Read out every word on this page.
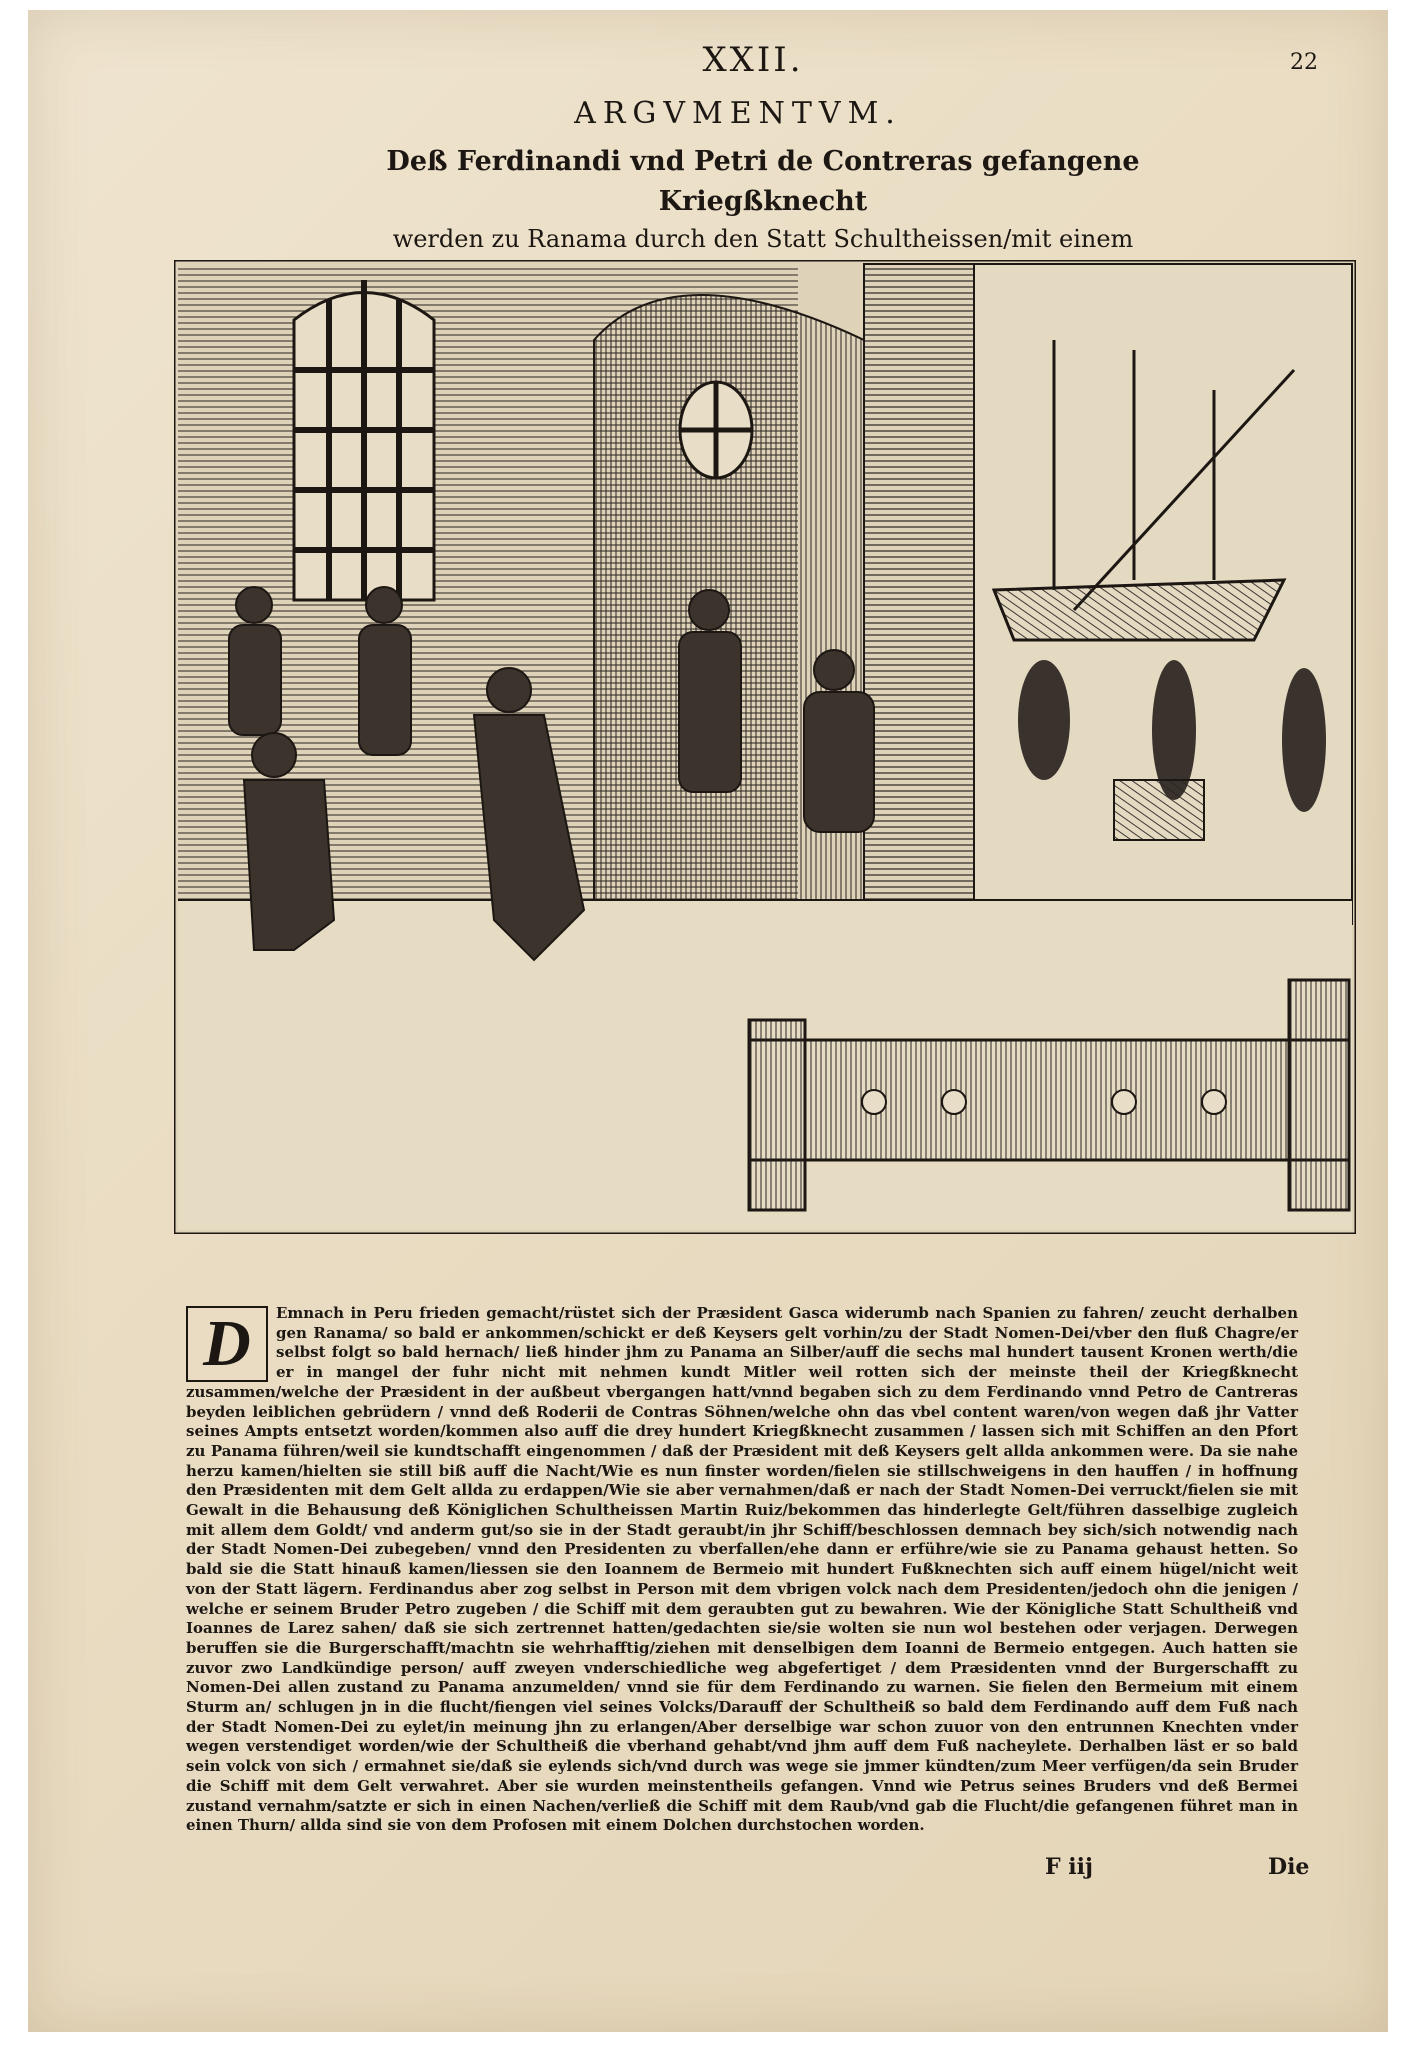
XXII.	22
ARGVMENTVM.
Deß Ferdinandi vnd Petri de Contreras gefangene Kriegßknecht
werden zu Ranama durch den Statt Schultheissen/mit einem
D	Emnach in Peru frieden gemacht/rüstet sich der Præsident Gasca widerumb nach Spanien zu fahren/ zeucht derhalben gen Ranama/ so bald er ankommen/schickt er deß Keysers gelt vorhin/zu der Stadt Nomen-Dei/vber den fluß Chagre/er selbst folgt so bald hernach/ ließ hinder jhm zu Panama an Silber/auff die sechs mal hundert tausent Kronen werth/die er in mangel der fuhr nicht mit nehmen kundt Mitler weil rotten sich der meinste theil der Kriegßknecht zusammen/welche der Præsident in der außbeut vbergangen hatt/vnnd begaben sich zu dem Ferdinando vnnd Petro de Cantreras beyden leiblichen gebrüdern / vnnd deß Roderii de Contras Söhnen/welche ohn das vbel content waren/von wegen daß jhr Vatter seines Ampts entsetzt worden/kommen also auff die drey hundert Kriegßknecht zusammen / lassen sich mit Schiffen an den Pfort zu Panama führen/weil sie kundtschafft eingenommen / daß der Præsident mit deß Keysers gelt allda ankommen were. Da sie nahe herzu kamen/hielten sie still biß auff die Nacht/Wie es nun finster worden/fielen sie stillschweigens in den hauffen / in hoffnung den Præsidenten mit dem Gelt allda zu erdappen/Wie sie aber vernahmen/daß er nach der Stadt Nomen-Dei verruckt/fielen sie mit Gewalt in die Behausung deß Königlichen Schultheissen Martin Ruiz/bekommen das hinderlegte Gelt/führen dasselbige zugleich mit allem dem Goldt/ vnd anderm gut/so sie in der Stadt geraubt/in jhr Schiff/beschlossen demnach bey sich/sich notwendig nach der Stadt Nomen-Dei zubegeben/ vnnd den Presidenten zu vberfallen/ehe dann er erführe/wie sie zu Panama gehaust hetten. So bald sie die Statt hinauß kamen/liessen sie den Ioannem de Bermeio mit hundert Fußknechten sich auff einem hügel/nicht weit von der Statt lägern. Ferdinandus aber zog selbst in Person mit dem vbrigen volck nach dem Presidenten/jedoch ohn die jenigen / welche er seinem Bruder Petro zugeben / die Schiff mit dem geraubten gut zu bewahren. Wie der Königliche Statt Schultheiß vnd Ioannes de Larez sahen/ daß sie sich zertrennet hatten/gedachten sie/sie wolten sie nun wol bestehen oder verjagen. Derwegen beruffen sie die Burgerschafft/machtn sie wehrhafftig/ziehen mit denselbigen dem Ioanni de Bermeio entgegen. Auch hatten sie zuvor zwo Landkündige person/ auff zweyen vnderschiedliche weg abgefertiget / dem Præsidenten vnnd der Burgerschafft zu Nomen-Dei allen zustand zu Panama anzumelden/ vnnd sie für dem Ferdinando zu warnen. Sie fielen den Bermeium mit einem Sturm an/ schlugen jn in die flucht/fiengen viel seines Volcks/Darauff der Schultheiß so bald dem Ferdinando auff dem Fuß nach der Stadt Nomen-Dei zu eylet/in meinung jhn zu erlangen/Aber derselbige war schon zuuor von den entrunnen Knechten vnder wegen verstendiget worden/wie der Schultheiß die vberhand gehabt/vnd jhm auff dem Fuß nacheylete. Derhalben läst er so bald sein volck von sich / ermahnet sie/daß sie eylends sich/vnd durch was wege sie jmmer kündten/zum Meer verfügen/da sein Bruder die Schiff mit dem Gelt verwahret. Aber sie wurden meinstentheils gefangen. Vnnd wie Petrus seines Bruders vnd deß Bermei zustand vernahm/satzte er sich in einen Nachen/verließ die Schiff mit dem Raub/vnd gab die Flucht/die gefangenen führet man in einen Thurn/ allda sind sie von dem Profosen mit einem Dolchen durchstochen worden.
F iij	Die
